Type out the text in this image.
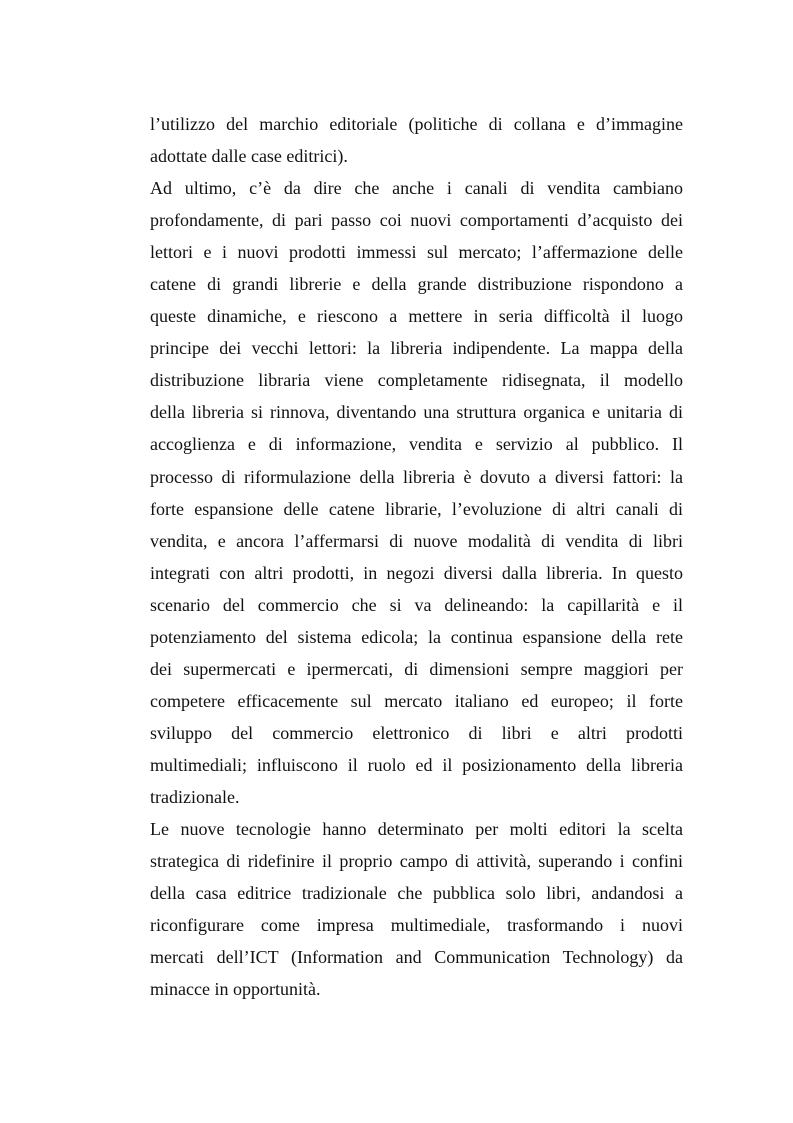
l’utilizzo del marchio editoriale (politiche di collana e d’immagine
adottate dalle case editrici).
Ad ultimo, c’è da dire che anche i canali di vendita cambiano
profondamente, di pari passo coi nuovi comportamenti d’acquisto dei
lettori e i nuovi prodotti immessi sul mercato; l’affermazione delle
catene di grandi librerie e della grande distribuzione rispondono a
queste dinamiche, e riescono a mettere in seria difficoltà il luogo
principe dei vecchi lettori: la libreria indipendente. La mappa della
distribuzione libraria viene completamente ridisegnata, il modello
della libreria si rinnova, diventando una struttura organica e unitaria di
accoglienza e di informazione, vendita e servizio al pubblico. Il
processo di riformulazione della libreria è dovuto a diversi fattori: la
forte espansione delle catene librarie, l’evoluzione di altri canali di
vendita, e ancora l’affermarsi di nuove modalità di vendita di libri
integrati con altri prodotti, in negozi diversi dalla libreria. In questo
scenario del commercio che si va delineando: la capillarità e il
potenziamento del sistema edicola; la continua espansione della rete
dei supermercati e ipermercati, di dimensioni sempre maggiori per
competere efficacemente sul mercato italiano ed europeo; il forte
sviluppo del commercio elettronico di libri e altri prodotti
multimediali; influiscono il ruolo ed il posizionamento della libreria
tradizionale.
Le nuove tecnologie hanno determinato per molti editori la scelta
strategica di ridefinire il proprio campo di attività, superando i confini
della casa editrice tradizionale che pubblica solo libri, andandosi a
riconfigurare come impresa multimediale, trasformando i nuovi
mercati dell’ICT (Information and Communication Technology) da
minacce in opportunità.
